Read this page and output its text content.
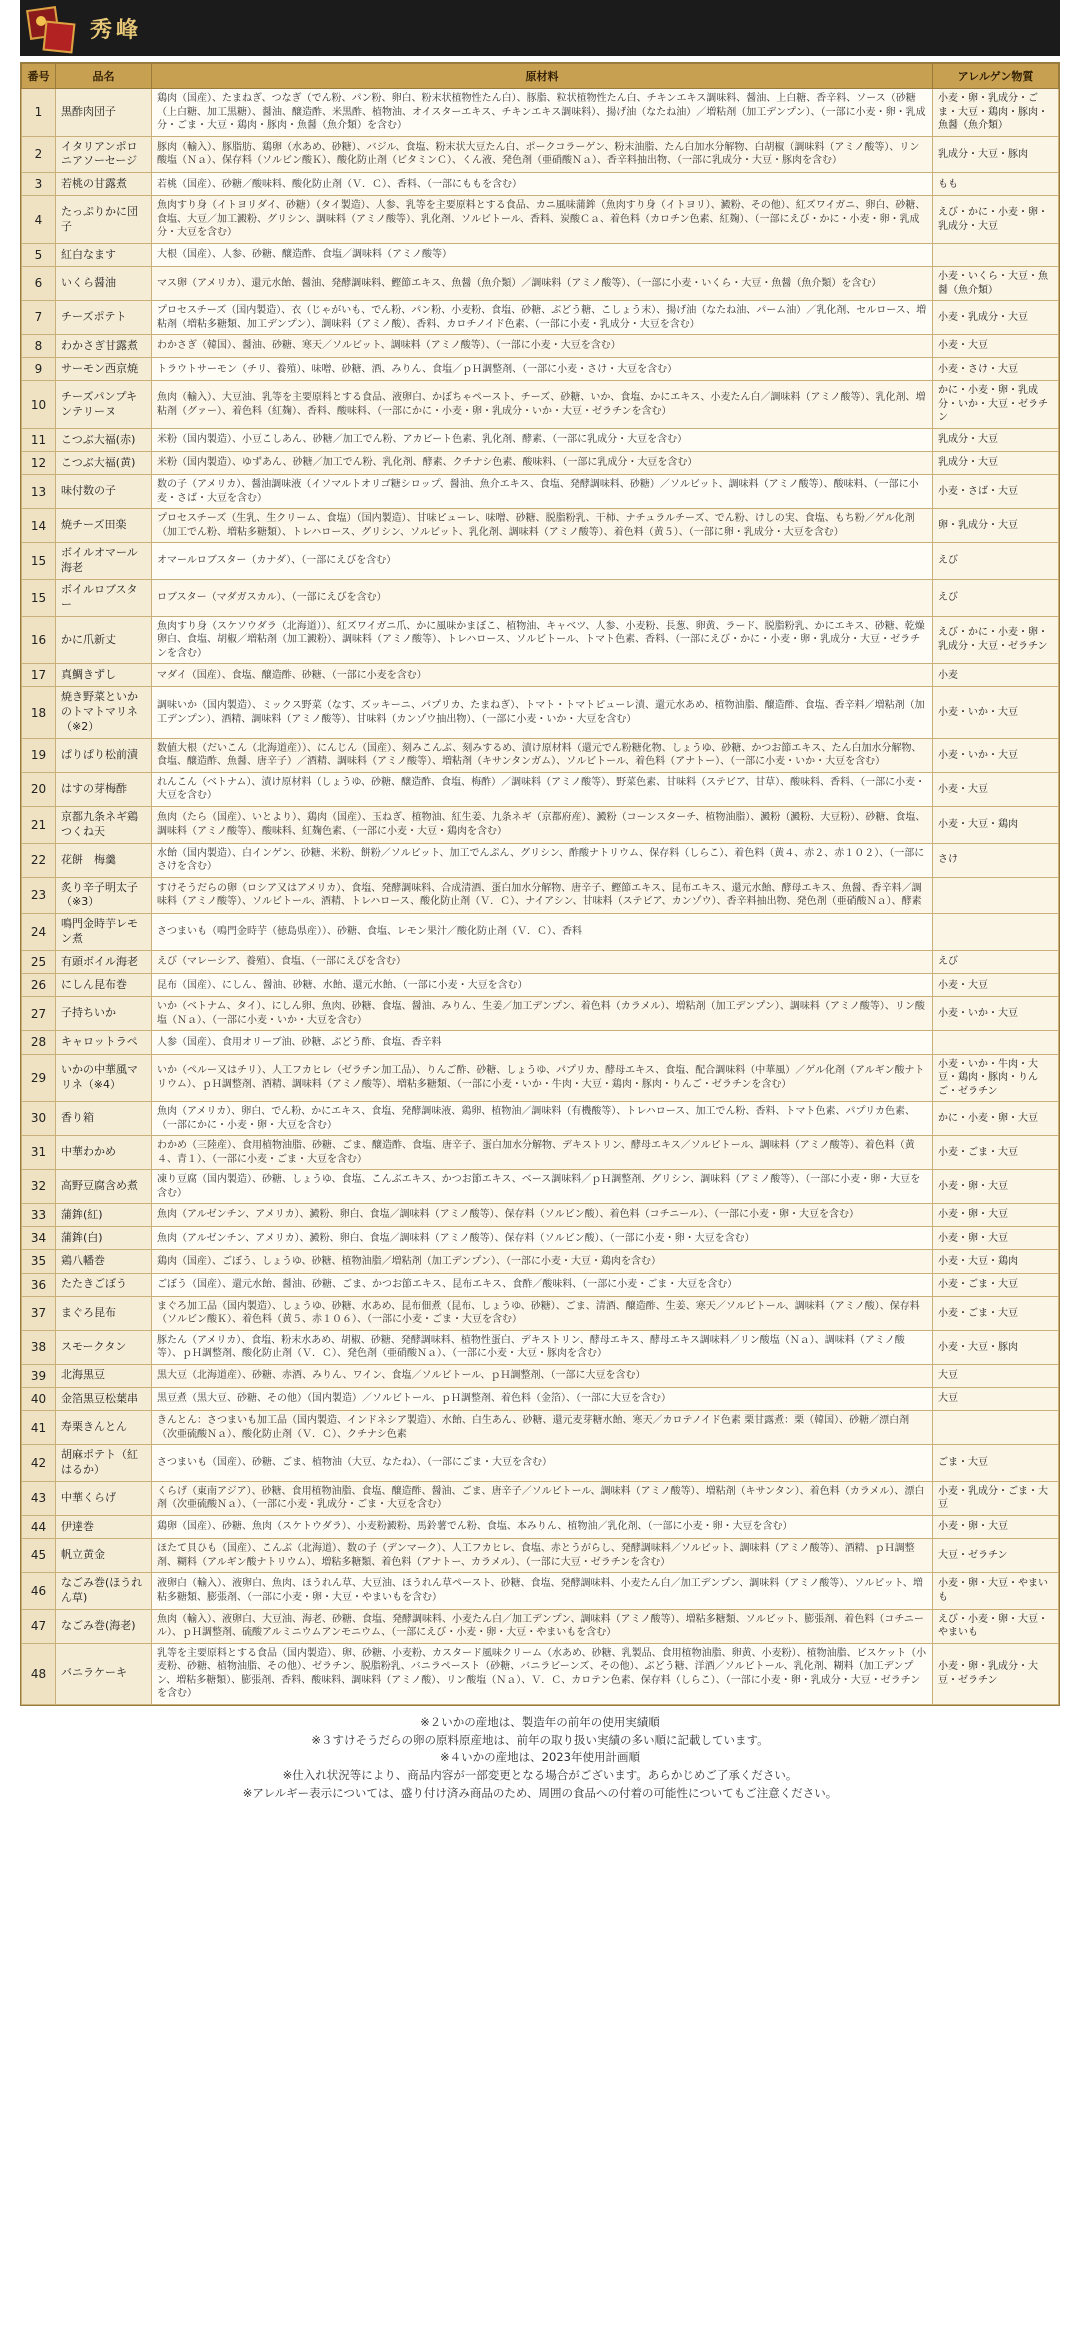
秀峰
番号	品名	原材料	アレルゲン物質
1	黒酢肉団子	鶏肉（国産）、たまねぎ、つなぎ（でん粉、パン粉、卵白、粉末状植物性たん白）、豚脂、粒状植物性たん白、チキンエキス調味料、醤油、上白糖、香辛料、ソース（砂糖（上白糖、加工黒糖）、醤油、醸造酢、米黒酢、植物油、オイスターエキス、チキンエキス調味料）、揚げ油（なたね油）／増粘剤（加工デンプン）、（一部に小麦・卵・乳成分・ごま・大豆・鶏肉・豚肉・魚醤（魚介類）を含む）	小麦・卵・乳成分・ごま・大豆・鶏肉・豚肉・魚醤（魚介類）
2	イタリアンポロニアソーセージ	豚肉（輸入）、豚脂肪、鶏卵（水あめ、砂糖）、バジル、食塩、粉末状大豆たん白、ポークコラーゲン、粉末油脂、たん白加水分解物、白胡椒（調味料（アミノ酸等）、リン酸塩（Ｎａ）、保存料（ソルビン酸Ｋ）、酸化防止剤（ビタミンＣ）、くん液、発色剤（亜硝酸Ｎａ）、香辛料抽出物、（一部に乳成分・大豆・豚肉を含む）	乳成分・大豆・豚肉
3	若桃の甘露煮	若桃（国産）、砂糖／酸味料、酸化防止剤（Ｖ．Ｃ）、香料、（一部にももを含む）	もも
4	たっぷりかに団子	魚肉すり身（イトヨリダイ、砂糖）（タイ製造）、人参、乳等を主要原料とする食品、カニ風味蒲鉾（魚肉すり身（イトヨリ）、澱粉、その他）、紅ズワイガニ、卵白、砂糖、食塩、大豆／加工澱粉、グリシン、調味料（アミノ酸等）、乳化剤、ソルビトール、香料、炭酸Ｃａ、着色料（カロチン色素、紅麹）、（一部にえび・かに・小麦・卵・乳成分・大豆を含む）	えび・かに・小麦・卵・乳成分・大豆
5	紅白なます	大根（国産）、人参、砂糖、醸造酢、食塩／調味料（アミノ酸等）	
6	いくら醤油	マス卵（アメリカ）、還元水飴、醤油、発酵調味料、鰹節エキス、魚醤（魚介類）／調味料（アミノ酸等）、（一部に小麦・いくら・大豆・魚醤（魚介類）を含む）	小麦・いくら・大豆・魚醤（魚介類）
7	チーズポテト	プロセスチーズ（国内製造）、衣（じゃがいも、でん粉、パン粉、小麦粉、食塩、砂糖、ぶどう糖、こしょう末）、揚げ油（なたね油、パーム油）／乳化剤、セルロース、増粘剤（増粘多糖類、加工デンプン）、調味料（アミノ酸）、香料、カロチノイド色素、（一部に小麦・乳成分・大豆を含む）	小麦・乳成分・大豆
8	わかさぎ甘露煮	わかさぎ（韓国）、醤油、砂糖、寒天／ソルビット、調味料（アミノ酸等）、（一部に小麦・大豆を含む）	小麦・大豆
9	サーモン西京焼	トラウトサーモン（チリ、養殖）、味噌、砂糖、酒、みりん、食塩／ｐＨ調整剤、（一部に小麦・さけ・大豆を含む）	小麦・さけ・大豆
10	チーズパンプキンテリーヌ	魚肉（輸入）、大豆油、乳等を主要原料とする食品、液卵白、かぼちゃペースト、チーズ、砂糖、いか、食塩、かにエキス、小麦たん白／調味料（アミノ酸等）、乳化剤、増粘剤（グァー）、着色料（紅麹）、香料、酸味料、（一部にかに・小麦・卵・乳成分・いか・大豆・ゼラチンを含む）	かに・小麦・卵・乳成分・いか・大豆・ゼラチン
11	こつぶ大福(赤)	米粉（国内製造）、小豆こしあん、砂糖／加工でん粉、アカビート色素、乳化剤、酵素、（一部に乳成分・大豆を含む）	乳成分・大豆
12	こつぶ大福(黄)	米粉（国内製造）、ゆずあん、砂糖／加工でん粉、乳化剤、酵素、クチナシ色素、酸味料、（一部に乳成分・大豆を含む）	乳成分・大豆
13	味付数の子	数の子（アメリカ）、醤油調味液（イソマルトオリゴ糖シロップ、醤油、魚介エキス、食塩、発酵調味料、砂糖）／ソルビット、調味料（アミノ酸等）、酸味料、（一部に小麦・さば・大豆を含む）	小麦・さば・大豆
14	焼チーズ田楽	プロセスチーズ（生乳、生クリーム、食塩）（国内製造）、甘味ピューレ、味噌、砂糖、脱脂粉乳、干柿、ナチュラルチーズ、でん粉、けしの実、食塩、もち粉／ゲル化剤（加工でん粉、増粘多糖類）、トレハロース、グリシン、ソルビット、乳化剤、調味料（アミノ酸等）、着色料（黄５）、（一部に卵・乳成分・大豆を含む）	卵・乳成分・大豆
15	ボイルオマール海老	オマールロブスター（カナダ）、（一部にえびを含む）	えび
15	ボイルロブスター	ロブスター（マダガスカル）、（一部にえびを含む）	えび
16	かに爪新丈	魚肉すり身（スケソウダラ（北海道））、紅ズワイガニ爪、かに風味かまぼこ、植物油、キャベツ、人参、小麦粉、長葱、卵黄、ラード、脱脂粉乳、かにエキス、砂糖、乾燥卵白、食塩、胡椒／増粘剤（加工澱粉）、調味料（アミノ酸等）、トレハロース、ソルビトール、トマト色素、香料、（一部にえび・かに・小麦・卵・乳成分・大豆・ゼラチンを含む）	えび・かに・小麦・卵・乳成分・大豆・ゼラチン
17	真鯛きずし	マダイ（国産）、食塩、醸造酢、砂糖、（一部に小麦を含む）	小麦
18	焼き野菜といかのトマトマリネ（※2）	調味いか（国内製造）、ミックス野菜（なす、ズッキーニ、パプリカ、たまねぎ）、トマト・トマトピューレ漬、還元水あめ、植物油脂、醸造酢、食塩、香辛料／増粘剤（加工デンプン）、酒精、調味料（アミノ酸等）、甘味料（カンゾウ抽出物）、（一部に小麦・いか・大豆を含む）	小麦・いか・大豆
19	ぱりぱり松前漬	数値大根（だいこん（北海道産））、にんじん（国産）、刻みこんぶ、刻みするめ、漬け原材料（還元でん粉糖化物、しょうゆ、砂糖、かつお節エキス、たん白加水分解物、食塩、醸造酢、魚醤、唐辛子）／酒精、調味料（アミノ酸等）、増粘剤（キサンタンガム）、ソルビトール、着色料（アナトー）、（一部に小麦・いか・大豆を含む）	小麦・いか・大豆
20	はすの芽梅酢	れんこん（ベトナム）、漬け原材料（しょうゆ、砂糖、醸造酢、食塩、梅酢）／調味料（アミノ酸等）、野菜色素、甘味料（ステビア、甘草）、酸味料、香料、（一部に小麦・大豆を含む）	小麦・大豆
21	京都九条ネギ鶏つくね天	魚肉（たら（国産）、いとより）、鶏肉（国産）、玉ねぎ、植物油、紅生姜、九条ネギ（京都府産）、澱粉（コーンスターチ、植物油脂）、澱粉（澱粉、大豆粉）、砂糖、食塩、調味料（アミノ酸等）、酸味料、紅麹色素、（一部に小麦・大豆・鶏肉を含む）	小麦・大豆・鶏肉
22	花餅　梅羹	水飴（国内製造）、白インゲン、砂糖、米粉、餅粉／ソルビット、加工でんぷん、グリシン、酢酸ナトリウム、保存料（しらこ）、着色料（黄４、赤２、赤１０２）、（一部にさけを含む）	さけ
23	炙り辛子明太子（※3）	すけそうだらの卵（ロシア又はアメリカ）、食塩、発酵調味料、合成清酒、蛋白加水分解物、唐辛子、鰹節エキス、昆布エキス、還元水飴、酵母エキス、魚醤、香辛料／調味料（アミノ酸等）、ソルビトール、酒精、トレハロース、酸化防止剤（Ｖ．Ｃ）、ナイアシン、甘味料（ステビア、カンゾウ）、香辛料抽出物、発色剤（亜硝酸Ｎａ）、酵素	
24	鳴門金時芋レモン煮	さつまいも（鳴門金時芋（徳島県産））、砂糖、食塩、レモン果汁／酸化防止剤（Ｖ．Ｃ）、香料	
25	有頭ボイル海老	えび（マレーシア、養殖）、食塩、（一部にえびを含む）	えび
26	にしん昆布巻	昆布（国産）、にしん、醤油、砂糖、水飴、還元水飴、（一部に小麦・大豆を含む）	小麦・大豆
27	子持ちいか	いか（ベトナム、タイ）、にしん卵、魚肉、砂糖、食塩、醤油、みりん、生姜／加工デンプン、着色料（カラメル）、増粘剤（加工デンプン）、調味料（アミノ酸等）、リン酸塩（Ｎａ）、（一部に小麦・いか・大豆を含む）	小麦・いか・大豆
28	キャロットラペ	人参（国産）、食用オリーブ油、砂糖、ぶどう酢、食塩、香辛料	
29	いかの中華風マリネ（※4）	いか（ペルー又はチリ）、人工フカヒレ（ゼラチン加工品）、りんご酢、砂糖、しょうゆ、パプリカ、酵母エキス、食塩、配合調味料（中華風）／ゲル化剤（アルギン酸ナトリウム）、ｐＨ調整剤、酒精、調味料（アミノ酸等）、増粘多糖類、（一部に小麦・いか・牛肉・大豆・鶏肉・豚肉・りんご・ゼラチンを含む）	小麦・いか・牛肉・大豆・鶏肉・豚肉・りんご・ゼラチン
30	香り箱	魚肉（アメリカ）、卵白、でん粉、かにエキス、食塩、発酵調味液、鶏卵、植物油／調味料（有機酸等）、トレハロース、加工でん粉、香料、トマト色素、パプリカ色素、（一部にかに・小麦・卵・大豆を含む）	かに・小麦・卵・大豆
31	中華わかめ	わかめ（三陸産）、食用植物油脂、砂糖、ごま、醸造酢、食塩、唐辛子、蛋白加水分解物、デキストリン、酵母エキス／ソルビトール、調味料（アミノ酸等）、着色料（黄４、青１）、（一部に小麦・ごま・大豆を含む）	小麦・ごま・大豆
32	高野豆腐含め煮	凍り豆腐（国内製造）、砂糖、しょうゆ、食塩、こんぶエキス、かつお節エキス、ベース調味料／ｐＨ調整剤、グリシン、調味料（アミノ酸等）、（一部に小麦・卵・大豆を含む）	小麦・卵・大豆
33	蒲鉾(紅)	魚肉（アルゼンチン、アメリカ）、澱粉、卵白、食塩／調味料（アミノ酸等）、保存料（ソルビン酸）、着色料（コチニール）、（一部に小麦・卵・大豆を含む）	小麦・卵・大豆
34	蒲鉾(白)	魚肉（アルゼンチン、アメリカ）、澱粉、卵白、食塩／調味料（アミノ酸等）、保存料（ソルビン酸）、（一部に小麦・卵・大豆を含む）	小麦・卵・大豆
35	鶏八幡巻	鶏肉（国産）、ごぼう、しょうゆ、砂糖、植物油脂／増粘剤（加工デンプン）、（一部に小麦・大豆・鶏肉を含む）	小麦・大豆・鶏肉
36	たたきごぼう	ごぼう（国産）、還元水飴、醤油、砂糖、ごま、かつお節エキス、昆布エキス、食酢／酸味料、（一部に小麦・ごま・大豆を含む）	小麦・ごま・大豆
37	まぐろ昆布	まぐろ加工品（国内製造）、しょうゆ、砂糖、水あめ、昆布佃煮（昆布、しょうゆ、砂糖）、ごま、清酒、醸造酢、生姜、寒天／ソルビトール、調味料（アミノ酸）、保存料（ソルビン酸Ｋ）、着色料（黄５、赤１０６）、（一部に小麦・ごま・大豆を含む）	小麦・ごま・大豆
38	スモークタン	豚たん（アメリカ）、食塩、粉末水あめ、胡椒、砂糖、発酵調味料、植物性蛋白、デキストリン、酵母エキス、酵母エキス調味料／リン酸塩（Ｎａ）、調味料（アミノ酸等）、ｐＨ調整剤、酸化防止剤（Ｖ．Ｃ）、発色剤（亜硝酸Ｎａ）、（一部に小麦・大豆・豚肉を含む）	小麦・大豆・豚肉
39	北海黒豆	黒大豆（北海道産）、砂糖、赤酒、みりん、ワイン、食塩／ソルビトール、ｐＨ調整剤、（一部に大豆を含む）	大豆
40	金箔黒豆松葉串	黒豆煮（黒大豆、砂糖、その他）（国内製造）／ソルビトール、ｐＨ調整剤、着色料（金箔）、（一部に大豆を含む）	大豆
41	寿栗きんとん	きんとん：さつまいも加工品（国内製造、インドネシア製造）、水飴、白生あん、砂糖、還元麦芽糖水飴、寒天／カロテノイド色素 栗甘露煮：栗（韓国）、砂糖／漂白剤（次亜硫酸Ｎａ）、酸化防止剤（Ｖ．Ｃ）、クチナシ色素	
42	胡麻ポテト（紅はるか）	さつまいも（国産）、砂糖、ごま、植物油（大豆、なたね）、（一部にごま・大豆を含む）	ごま・大豆
43	中華くらげ	くらげ（東南アジア）、砂糖、食用植物油脂、食塩、醸造酢、醤油、ごま、唐辛子／ソルビトール、調味料（アミノ酸等）、増粘剤（キサンタン）、着色料（カラメル）、漂白剤（次亜硫酸Ｎａ）、（一部に小麦・乳成分・ごま・大豆を含む）	小麦・乳成分・ごま・大豆
44	伊達巻	鶏卵（国産）、砂糖、魚肉（スケトウダラ）、小麦粉澱粉、馬鈴薯でん粉、食塩、本みりん、植物油／乳化剤、（一部に小麦・卵・大豆を含む）	小麦・卵・大豆
45	帆立黄金	ほたて貝ひも（国産）、こんぶ（北海道）、数の子（デンマーク）、人工フカヒレ、食塩、赤とうがらし、発酵調味料／ソルビット、調味料（アミノ酸等）、酒精、ｐＨ調整剤、糊料（アルギン酸ナトリウム）、増粘多糖類、着色料（アナトー、カラメル）、（一部に大豆・ゼラチンを含む）	大豆・ゼラチン
46	なごみ巻(ほうれん草)	液卵白（輸入）、液卵白、魚肉、ほうれん草、大豆油、ほうれん草ペースト、砂糖、食塩、発酵調味料、小麦たん白／加工デンプン、調味料（アミノ酸等）、ソルビット、増粘多糖類、膨張剤、（一部に小麦・卵・大豆・やまいもを含む）	小麦・卵・大豆・やまいも
47	なごみ巻(海老)	魚肉（輸入）、液卵白、大豆油、海老、砂糖、食塩、発酵調味料、小麦たん白／加工デンプン、調味料（アミノ酸等）、増粘多糖類、ソルビット、膨張剤、着色料（コチニール）、ｐＨ調整剤、硫酸アルミニウムアンモニウム、（一部にえび・小麦・卵・大豆・やまいもを含む）	えび・小麦・卵・大豆・やまいも
48	バニラケーキ	乳等を主要原料とする食品（国内製造）、卵、砂糖、小麦粉、カスタード風味クリーム（水あめ、砂糖、乳製品、食用植物油脂、卵黄、小麦粉）、植物油脂、ビスケット（小麦粉、砂糖、植物油脂、その他）、ゼラチン、脱脂粉乳、バニラペースト（砂糖、バニラビーンズ、その他）、ぶどう糖、洋酒／ソルビトール、乳化剤、糊料（加工デンプン、増粘多糖類）、膨張剤、香料、酸味料、調味料（アミノ酸）、リン酸塩（Ｎａ）、Ｖ．Ｃ、カロテン色素、保存料（しらこ）、（一部に小麦・卵・乳成分・大豆・ゼラチンを含む）	小麦・卵・乳成分・大豆・ゼラチン
※２いかの産地は、製造年の前年の使用実績順
※３すけそうだらの卵の原料原産地は、前年の取り扱い実績の多い順に記載しています。
※４いかの産地は、2023年使用計画順
※仕入れ状況等により、商品内容が一部変更となる場合がございます。あらかじめご了承ください。
※アレルギー表示については、盛り付け済み商品のため、周囲の食品への付着の可能性についてもご注意ください。
